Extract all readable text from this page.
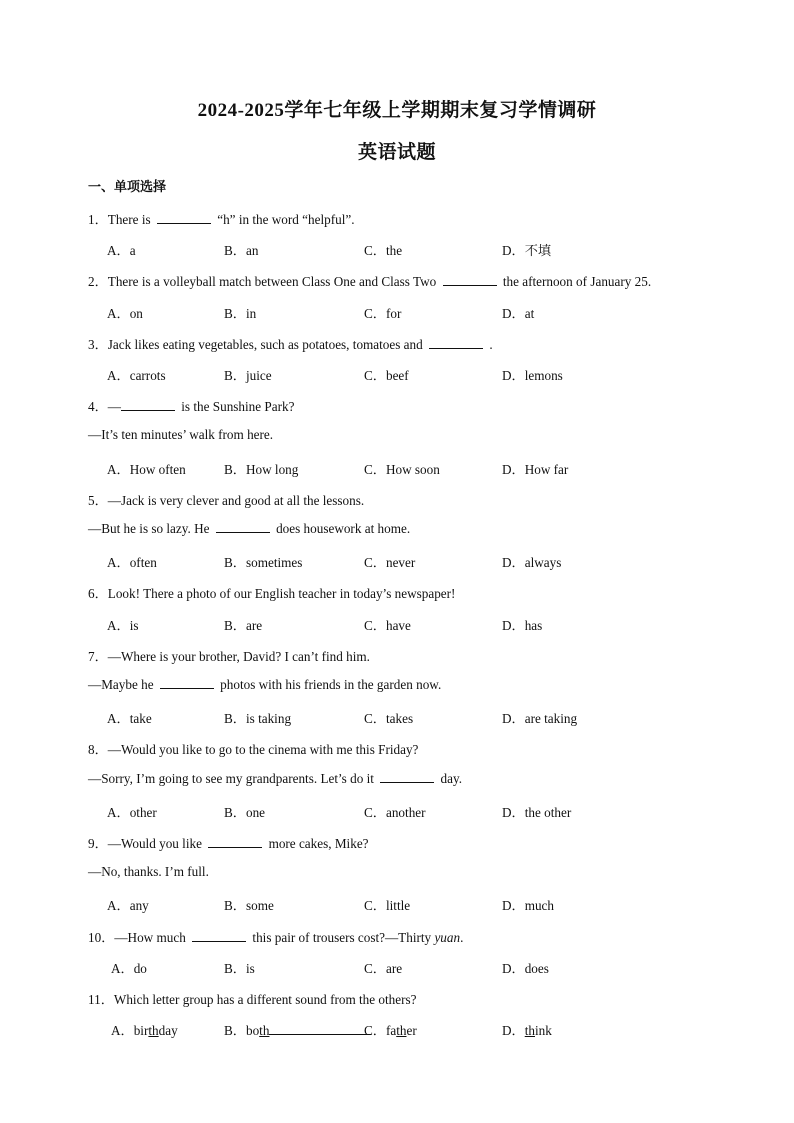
2024-2025学年七年级上学期期末复习学情调研
英语试题
一、单项选择
1．There is	“h” in the word “helpful”.
A．a	B．an	C．the	D．不填
2．There is a volleyball match between Class One and Class Two	the afternoon of January 25.
A．on	B．in	C．for	D．at
3．Jack likes eating vegetables, such as potatoes, tomatoes and	.
A．carrots	B．juice	C．beef	D．lemons
4．—	is the Sunshine Park?
—It’s ten minutes’ walk from here.
A．How often	B．How long	C．How soon	D．How far
5．—Jack is very clever and good at all the lessons.
—But he is so lazy. He	does housework at home.
A．often	B．sometimes	C．never	D．always
6．Look! There a photo of our English teacher in today’s newspaper!
A．is	B．are	C．have	D．has
7．—Where is your brother, David? I can’t find him.
—Maybe he	photos with his friends in the garden now.
A．take	B．is taking	C．takes	D．are taking
8．—Would you like to go to the cinema with me this Friday?
—Sorry, I’m going to see my grandparents. Let’s do it	day.
A．other	B．one	C．another	D．the other
9．—Would you like	more cakes, Mike?
—No, thanks. I’m full.
A．any	B．some	C．little	D．much
10．—How much	this pair of trousers cost?—Thirty yuan.
A．do	B．is	C．are	D．does
11．Which letter group has a different sound from the others?
A．birthday	B．both	C．father	D．think
